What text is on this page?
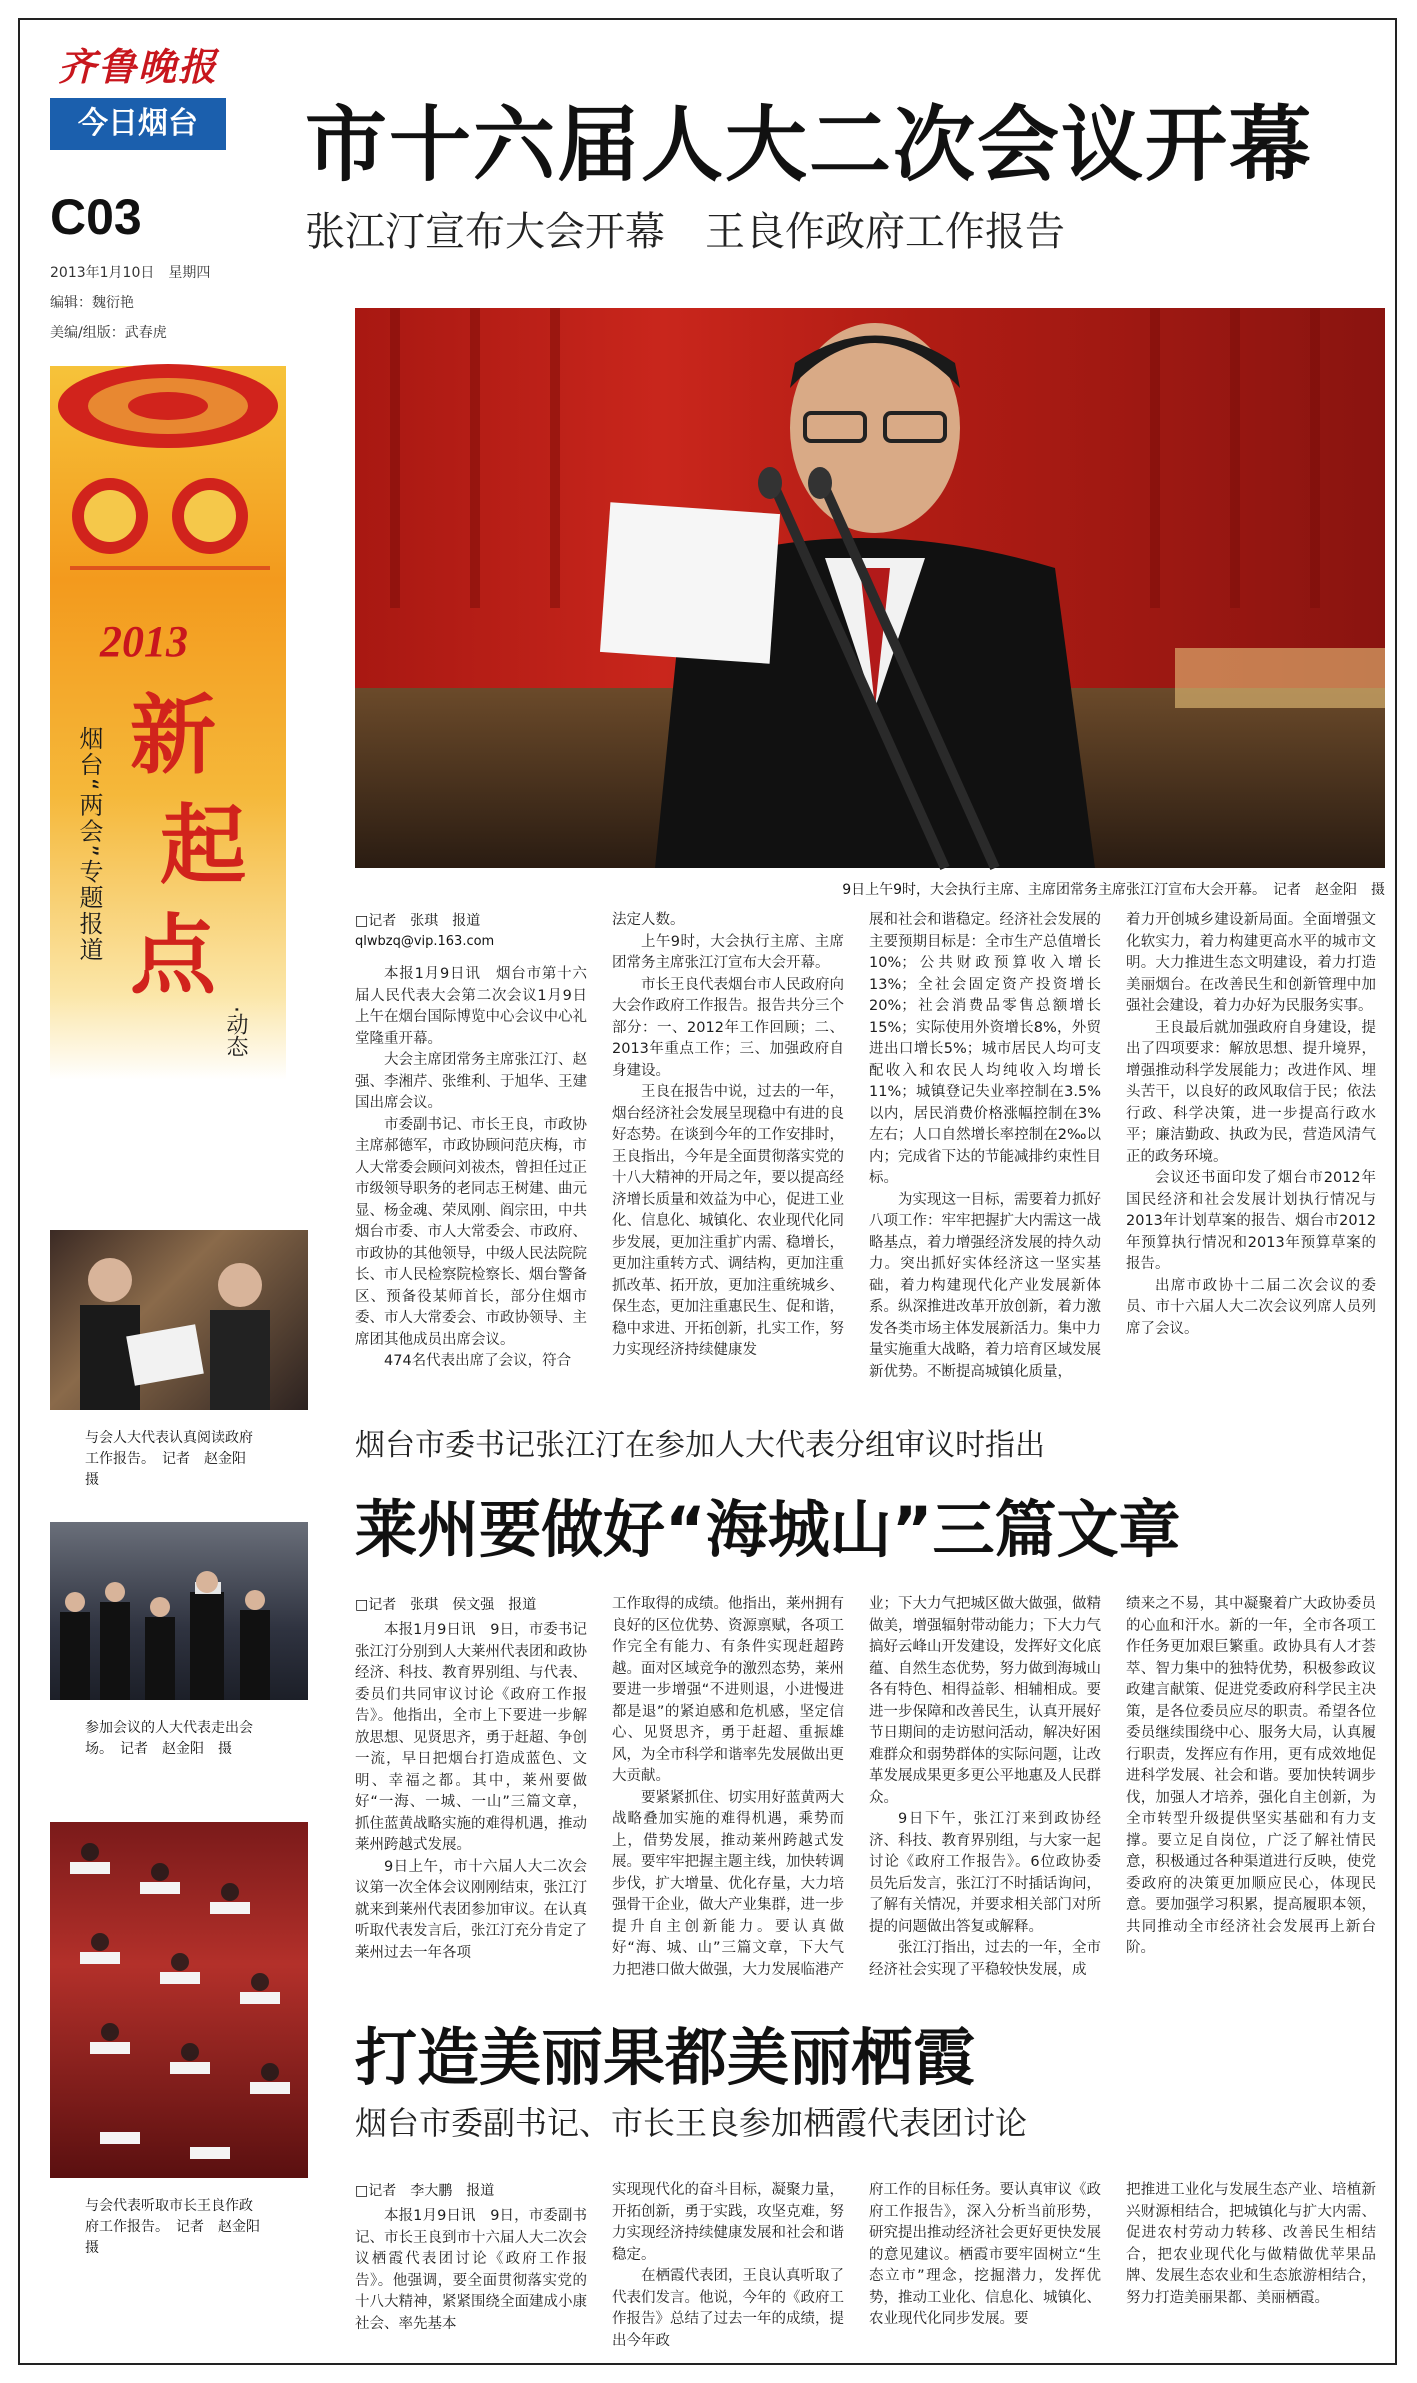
齐鲁晚报
今日烟台
C03
2013年1月10日　星期四
编辑：魏衍艳
美编/组版：武春虎
2013
烟台“两会”专题报道 新
起
点
·动态
与会人大代表认真阅读政府工作报告。　记者　赵金阳　摄
参加会议的人大代表走出会场。　记者　赵金阳　摄
与会代表听取市长王良作政府工作报告。　记者　赵金阳　摄
市十六届人大二次会议开幕
张江汀宣布大会开幕　王良作政府工作报告
9日上午9时，大会执行主席、主席团常务主席张江汀宣布大会开幕。　记者　赵金阳　摄
□记者　张琪　报道
qlwbzq@vip.163.com

本报1月9日讯　烟台市第十六届人民代表大会第二次会议1月9日上午在烟台国际博览中心会议中心礼堂隆重开幕。

大会主席团常务主席张江汀、赵强、李湘芹、张维利、于旭华、王建国出席会议。

市委副书记、市长王良，市政协主席郝德军，市政协顾问范庆梅，市人大常委会顾问刘祓杰，曾担任过正市级领导职务的老同志王树建、曲元显、杨金魂、荣凤刚、阎宗田，中共烟台市委、市人大常委会、市政府、市政协的其他领导，中级人民法院院长、市人民检察院检察长、烟台警备区、预备役某师首长，部分住烟市委、市人大常委会、市政协领导、主席团其他成员出席会议。

474名代表出席了会议，符合

法定人数。

上午9时，大会执行主席、主席团常务主席张江汀宣布大会开幕。

市长王良代表烟台市人民政府向大会作政府工作报告。报告共分三个部分：一、2012年工作回顾；二、2013年重点工作；三、加强政府自身建设。

王良在报告中说，过去的一年，烟台经济社会发展呈现稳中有进的良好态势。在谈到今年的工作安排时，王良指出，今年是全面贯彻落实党的十八大精神的开局之年，要以提高经济增长质量和效益为中心，促进工业化、信息化、城镇化、农业现代化同步发展，更加注重扩内需、稳增长，更加注重转方式、调结构，更加注重抓改革、拓开放，更加注重统城乡、保生态，更加注重惠民生、促和谐，稳中求进、开拓创新，扎实工作，努力实现经济持续健康发

展和社会和谐稳定。经济社会发展的主要预期目标是：全市生产总值增长10%；公共财政预算收入增长13%；全社会固定资产投资增长20%；社会消费品零售总额增长15%；实际使用外资增长8%，外贸进出口增长5%；城市居民人均可支配收入和农民人均纯收入均增长11%；城镇登记失业率控制在3.5%以内，居民消费价格涨幅控制在3%左右；人口自然增长率控制在2‰以内；完成省下达的节能减排约束性目标。

为实现这一目标，需要着力抓好八项工作：牢牢把握扩大内需这一战略基点，着力增强经济发展的持久动力。突出抓好实体经济这一坚实基础，着力构建现代化产业发展新体系。纵深推进改革开放创新，着力激发各类市场主体发展新活力。集中力量实施重大战略，着力培育区域发展新优势。不断提高城镇化质量，

着力开创城乡建设新局面。全面增强文化软实力，着力构建更高水平的城市文明。大力推进生态文明建设，着力打造美丽烟台。在改善民生和创新管理中加强社会建设，着力办好为民服务实事。

王良最后就加强政府自身建设，提出了四项要求：解放思想、提升境界，增强推动科学发展能力；改进作风、埋头苦干，以良好的政风取信于民；依法行政、科学决策，进一步提高行政水平；廉洁勤政、执政为民，营造风清气正的政务环境。

会议还书面印发了烟台市2012年国民经济和社会发展计划执行情况与2013年计划草案的报告、烟台市2012年预算执行情况和2013年预算草案的报告。

出席市政协十二届二次会议的委员、市十六届人大二次会议列席人员列席了会议。

烟台市委书记张江汀在参加人大代表分组审议时指出
莱州要做好“海城山”三篇文章
□记者　张琪　侯文强　报道

本报1月9日讯　9日，市委书记张江汀分别到人大莱州代表团和政协经济、科技、教育界别组、与代表、委员们共同审议讨论《政府工作报告》。他指出，全市上下要进一步解放思想、见贤思齐，勇于赶超、争创一流，早日把烟台打造成蓝色、文明、幸福之都。其中，莱州要做好“一海、一城、一山”三篇文章，抓住蓝黄战略实施的难得机遇，推动莱州跨越式发展。

9日上午，市十六届人大二次会议第一次全体会议刚刚结束，张江汀就来到莱州代表团参加审议。在认真听取代表发言后，张江汀充分肯定了莱州过去一年各项

工作取得的成绩。他指出，莱州拥有良好的区位优势、资源禀赋，各项工作完全有能力、有条件实现赶超跨越。面对区域竞争的激烈态势，莱州要进一步增强“不进则退，小进慢进都是退”的紧迫感和危机感，坚定信心、见贤思齐，勇于赶超、重振雄风，为全市科学和谐率先发展做出更大贡献。

要紧紧抓住、切实用好蓝黄两大战略叠加实施的难得机遇，乘势而上，借势发展，推动莱州跨越式发展。要牢牢把握主题主线，加快转调步伐，扩大增量、优化存量，大力培强骨干企业，做大产业集群，进一步提升自主创新能力。要认真做好“海、城、山”三篇文章，下大气力把港口做大做强，大力发展临港产

业；下大力气把城区做大做强，做精做美，增强辐射带动能力；下大力气搞好云峰山开发建设，发挥好文化底蕴、自然生态优势，努力做到海城山各有特色、相得益彰、相辅相成。要进一步保障和改善民生，认真开展好节日期间的走访慰问活动，解决好困难群众和弱势群体的实际问题，让改革发展成果更多更公平地惠及人民群众。

9日下午，张江汀来到政协经济、科技、教育界别组，与大家一起讨论《政府工作报告》。6位政协委员先后发言，张江汀不时插话询问，了解有关情况，并要求相关部门对所提的问题做出答复或解释。

张江汀指出，过去的一年，全市经济社会实现了平稳较快发展，成

绩来之不易，其中凝聚着广大政协委员的心血和汗水。新的一年，全市各项工作任务更加艰巨繁重。政协具有人才荟萃、智力集中的独特优势，积极参政议政建言献策、促进党委政府科学民主决策，是各位委员应尽的职责。希望各位委员继续围绕中心、服务大局，认真履行职责，发挥应有作用，更有成效地促进科学发展、社会和谐。要加快转调步伐，加强人才培养，强化自主创新，为全市转型升级提供坚实基础和有力支撑。要立足自岗位，广泛了解社情民意，积极通过各种渠道进行反映，使党委政府的决策更加顺应民心，体现民意。要加强学习积累，提高履职本领，共同推动全市经济社会发展再上新台阶。

打造美丽果都美丽栖霞
烟台市委副书记、市长王良参加栖霞代表团讨论
□记者　李大鹏　报道

本报1月9日讯　9日，市委副书记、市长王良到市十六届人大二次会议栖霞代表团讨论《政府工作报告》。他强调，要全面贯彻落实党的十八大精神，紧紧围绕全面建成小康社会、率先基本

实现现代化的奋斗目标，凝聚力量，开拓创新，勇于实践，攻坚克难，努力实现经济持续健康发展和社会和谐稳定。

在栖霞代表团，王良认真听取了代表们发言。他说，今年的《政府工作报告》总结了过去一年的成绩，提出今年政

府工作的目标任务。要认真审议《政府工作报告》，深入分析当前形势，研究提出推动经济社会更好更快发展的意见建议。栖霞市要牢固树立“生态立市”理念，挖掘潜力，发挥优势，推动工业化、信息化、城镇化、农业现代化同步发展。要

把推进工业化与发展生态产业、培植新兴财源相结合，把城镇化与扩大内需、促进农村劳动力转移、改善民生相结合，把农业现代化与做精做优苹果品牌、发展生态农业和生态旅游相结合，努力打造美丽果都、美丽栖霞。
